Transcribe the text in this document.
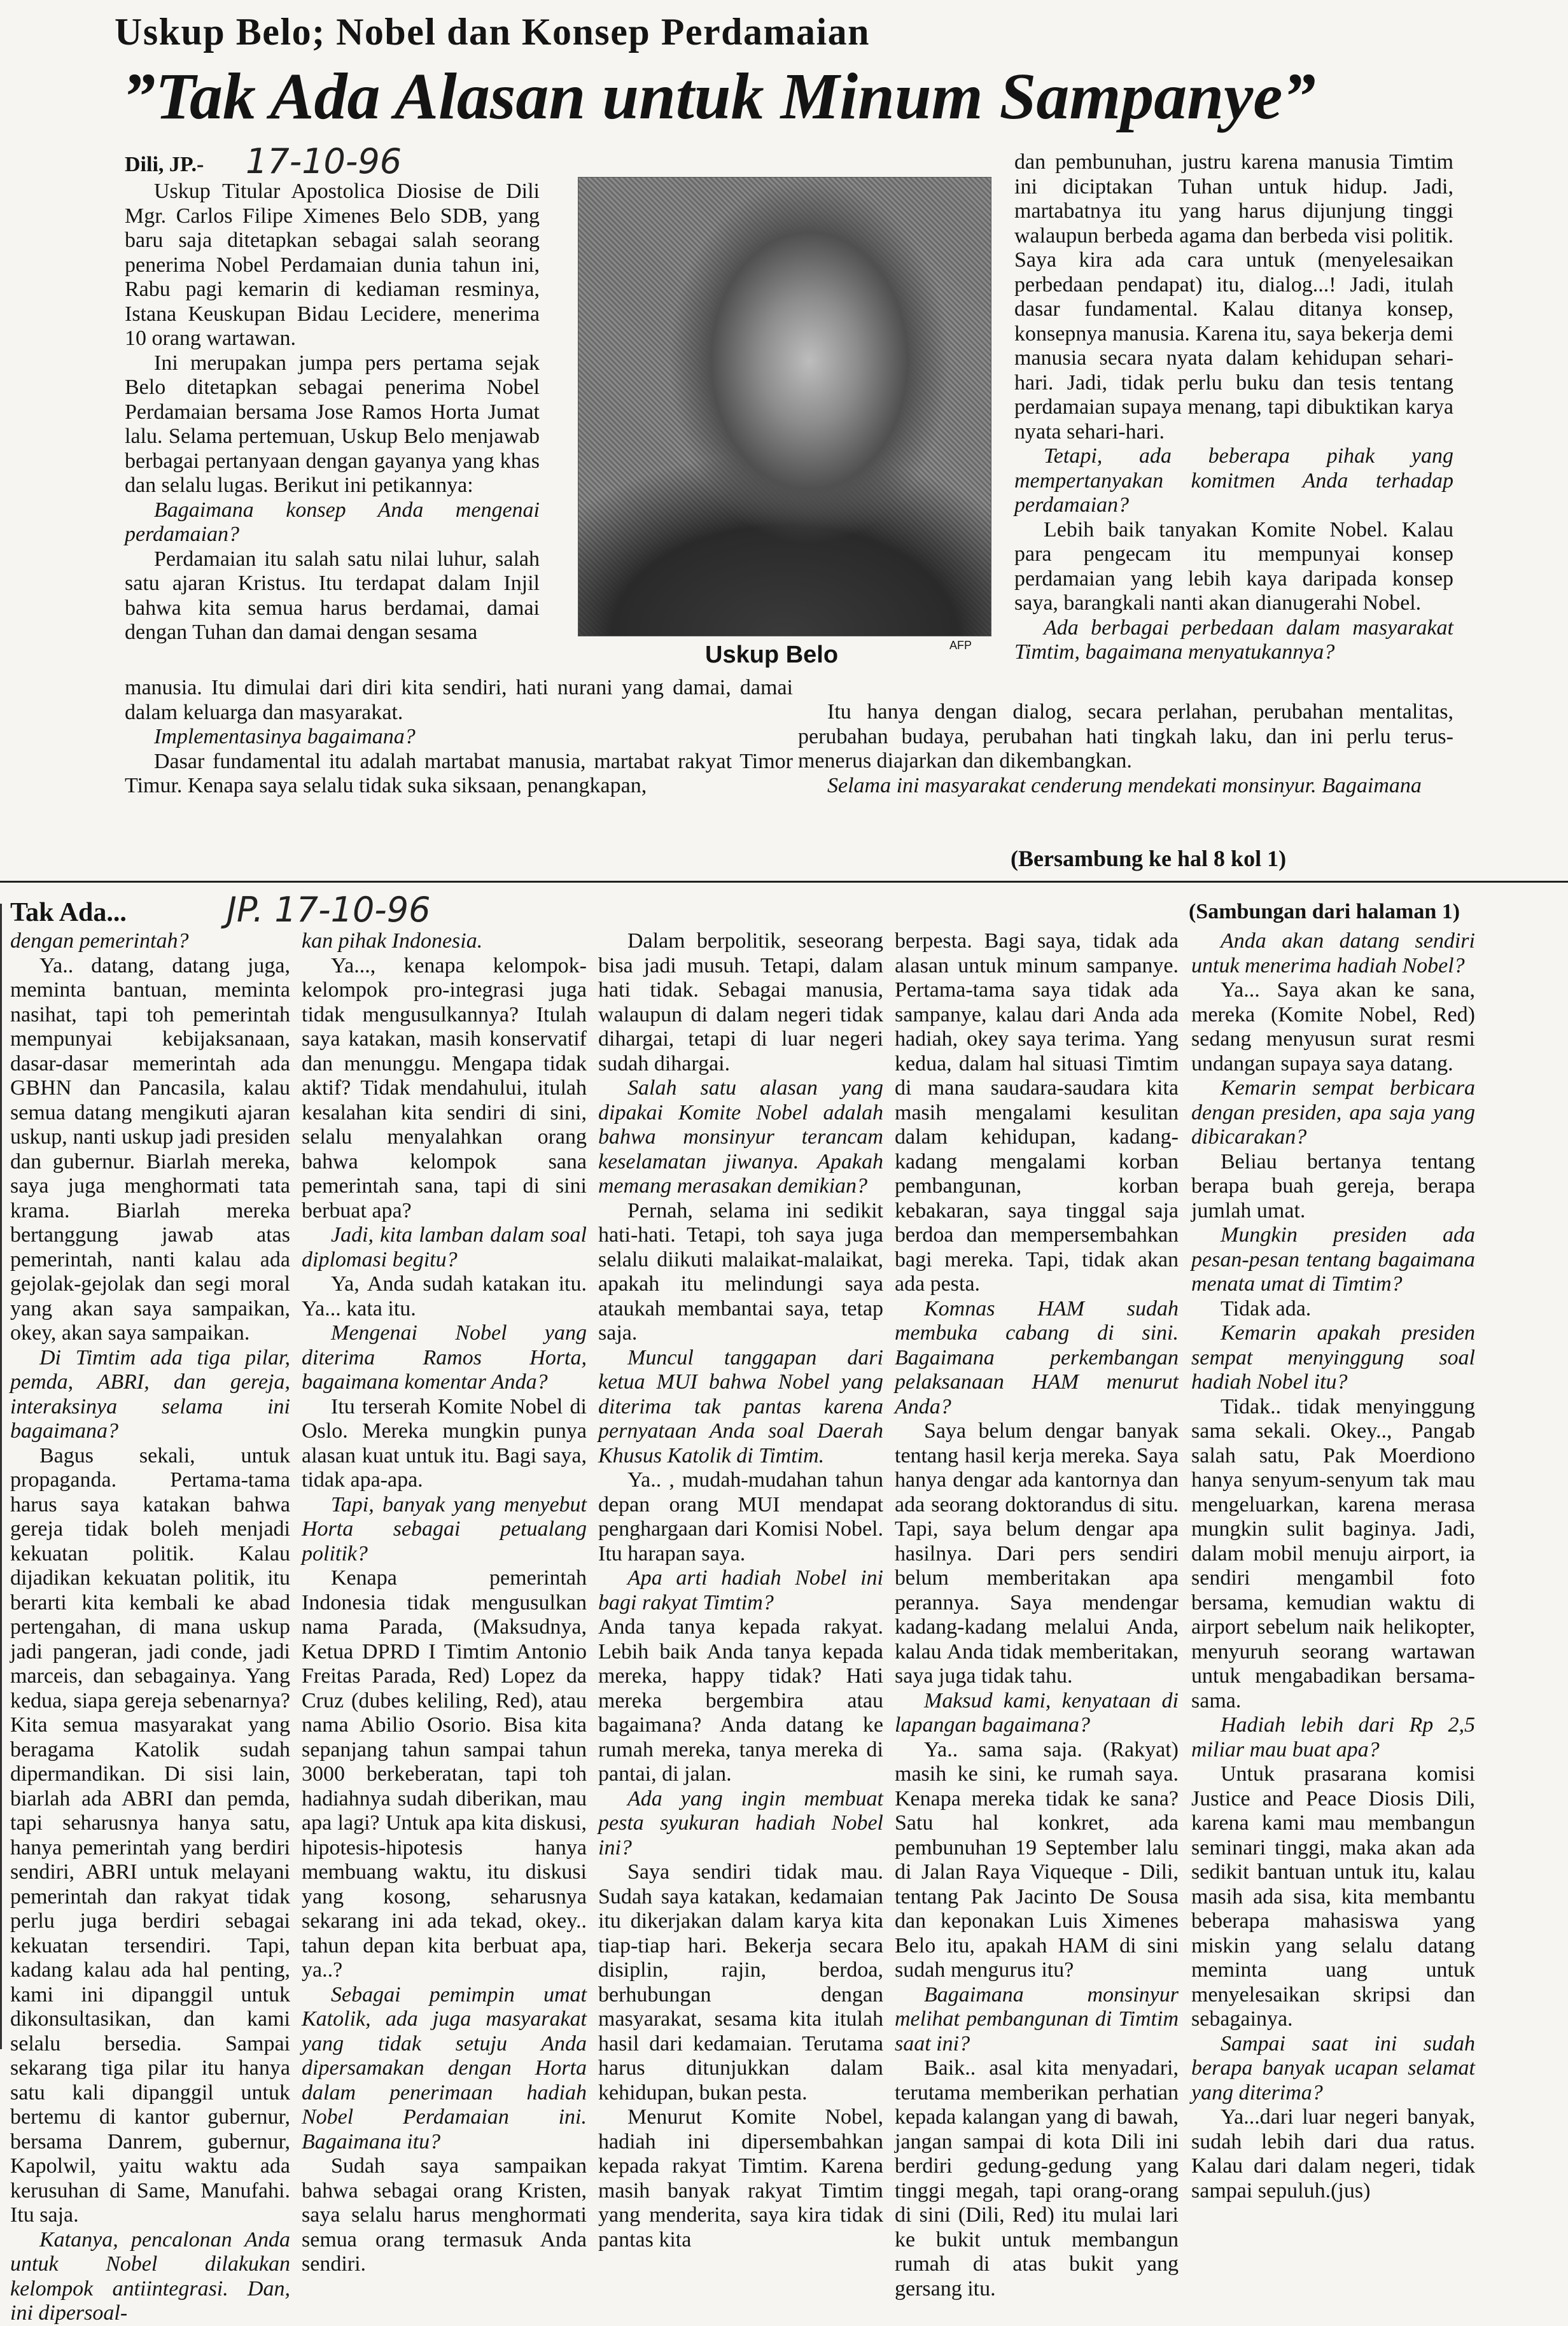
Uskup Belo; Nobel dan Konsep Perdamaian
”Tak Ada Alasan untuk Minum Sampanye”
Dili, JP.- 17-10-96
Uskup Belo	AFP

Uskup Titular Apostolica Diosise de Dili Mgr. Carlos Filipe Ximenes Belo SDB, yang baru saja ditetapkan sebagai salah seorang penerima Nobel Perdamaian dunia tahun ini, Rabu pagi kemarin di kediaman resminya, Istana Keuskupan Bidau Lecidere, menerima 10 orang wartawan.

Ini merupakan jumpa pers pertama sejak Belo ditetapkan sebagai penerima Nobel Perdamaian bersama Jose Ramos Horta Jumat lalu. Selama pertemuan, Uskup Belo menjawab berbagai pertanyaan dengan gayanya yang khas dan selalu lugas. Berikut ini petikannya:

Bagaimana konsep Anda mengenai perdamaian?

Perdamaian itu salah satu nilai luhur, salah satu ajaran Kristus. Itu terdapat dalam Injil bahwa kita semua harus berdamai, damai dengan Tuhan dan damai dengan sesama

dan pembunuhan, justru karena manusia Timtim ini diciptakan Tuhan untuk hidup. Jadi, martabatnya itu yang harus dijunjung tinggi walaupun berbeda agama dan berbeda visi politik. Saya kira ada cara untuk (menyelesaikan perbedaan pendapat) itu, dialog...! Jadi, itulah dasar fundamental. Kalau ditanya konsep, konsepnya manusia. Karena itu, saya bekerja demi manusia secara nyata dalam kehidupan sehari-hari. Jadi, tidak perlu buku dan tesis tentang perdamaian supaya menang, tapi dibuktikan karya nyata sehari-hari.

Tetapi, ada beberapa pihak yang mempertanyakan komitmen Anda terhadap perdamaian?

Lebih baik tanyakan Komite Nobel. Kalau para pengecam itu mempunyai konsep perdamaian yang lebih kaya daripada konsep saya, barangkali nanti akan dianugerahi Nobel.

Ada berbagai perbedaan dalam masyarakat Timtim, bagaimana menyatukannya?

manusia. Itu dimulai dari diri kita sendiri, hati nurani yang damai, damai dalam keluarga dan masyarakat.

Implementasinya bagaimana?

Dasar fundamental itu adalah martabat manusia, martabat rakyat Timor Timur. Kenapa saya selalu tidak suka siksaan, penangkapan,

Itu hanya dengan dialog, secara perlahan, perubahan mentalitas, perubahan budaya, perubahan hati tingkah laku, dan ini perlu terus-menerus diajarkan dan dikembangkan.

Selama ini masyarakat cenderung mendekati monsinyur. Bagaimana

(Bersambung ke hal 8 kol 1)
Tak Ada...	JP. 17-10-96	(Sambungan dari halaman 1)

dengan pemerintah?

Ya.. datang, datang juga, meminta bantuan, meminta nasihat, tapi toh pemerintah mempunyai kebijaksanaan, dasar-dasar memerintah ada GBHN dan Pancasila, kalau semua datang mengikuti ajaran uskup, nanti uskup jadi presiden dan gubernur. Biarlah mereka, saya juga menghormati tata krama. Biarlah mereka bertanggung jawab atas pemerintah, nanti kalau ada gejolak-gejolak dan segi moral yang akan saya sampaikan, okey, akan saya sampaikan.

Di Timtim ada tiga pilar, pemda, ABRI, dan gereja, interaksinya selama ini bagaimana?

Bagus sekali, untuk propaganda. Pertama-tama harus saya katakan bahwa gereja tidak boleh menjadi kekuatan politik. Kalau dijadikan kekuatan politik, itu berarti kita kembali ke abad pertengahan, di mana uskup jadi pangeran, jadi conde, jadi marceis, dan sebagainya. Yang kedua, siapa gereja sebenarnya? Kita semua masyarakat yang beragama Katolik sudah dipermandikan. Di sisi lain, biarlah ada ABRI dan pemda, tapi seharusnya hanya satu, hanya pemerintah yang berdiri sendiri, ABRI untuk melayani pemerintah dan rakyat tidak perlu juga berdiri sebagai kekuatan tersendiri. Tapi, kadang kalau ada hal penting, kami ini dipanggil untuk dikonsultasikan, dan kami selalu bersedia. Sampai sekarang tiga pilar itu hanya satu kali dipanggil untuk bertemu di kantor gubernur, bersama Danrem, gubernur, Kapolwil, yaitu waktu ada kerusuhan di Same, Manufahi. Itu saja.

Katanya, pencalonan Anda untuk Nobel dilakukan kelompok antiintegrasi. Dan, ini dipersoal-

kan pihak Indonesia.

Ya..., kenapa kelompok-kelompok pro-integrasi juga tidak mengusulkannya? Itulah saya katakan, masih konservatif dan menunggu. Mengapa tidak aktif? Tidak mendahului, itulah kesalahan kita sendiri di sini, selalu menyalahkan orang bahwa kelompok sana pemerintah sana, tapi di sini berbuat apa?

Jadi, kita lamban dalam soal diplomasi begitu?

Ya, Anda sudah katakan itu. Ya... kata itu.

Mengenai Nobel yang diterima Ramos Horta, bagaimana komentar Anda?

Itu terserah Komite Nobel di Oslo. Mereka mungkin punya alasan kuat untuk itu. Bagi saya, tidak apa-apa.

Tapi, banyak yang menyebut Horta sebagai petualang politik?

Kenapa pemerintah Indonesia tidak mengusulkan nama Parada, (Maksudnya, Ketua DPRD I Timtim Antonio Freitas Parada, Red) Lopez da Cruz (dubes keliling, Red), atau nama Abilio Osorio. Bisa kita sepanjang tahun sampai tahun 3000 berkeberatan, tapi toh hadiahnya sudah diberikan, mau apa lagi? Untuk apa kita diskusi, hipotesis-hipotesis hanya membuang waktu, itu diskusi yang kosong, seharusnya sekarang ini ada tekad, okey.. tahun depan kita berbuat apa, ya..?

Sebagai pemimpin umat Katolik, ada juga masyarakat yang tidak setuju Anda dipersamakan dengan Horta dalam penerimaan hadiah Nobel Perdamaian ini. Bagaimana itu?

Sudah saya sampaikan bahwa sebagai orang Kristen, saya selalu harus menghormati semua orang termasuk Anda sendiri.

Dalam berpolitik, seseorang bisa jadi musuh. Tetapi, dalam hati tidak. Sebagai manusia, walaupun di dalam negeri tidak dihargai, tetapi di luar negeri sudah dihargai.

Salah satu alasan yang dipakai Komite Nobel adalah bahwa monsinyur terancam keselamatan jiwanya. Apakah memang merasakan demikian?

Pernah, selama ini sedikit hati-hati. Tetapi, toh saya juga selalu diikuti malaikat-malaikat, apakah itu melindungi saya ataukah membantai saya, tetap saja.

Muncul tanggapan dari ketua MUI bahwa Nobel yang diterima tak pantas karena pernyataan Anda soal Daerah Khusus Katolik di Timtim.

Ya.. , mudah-mudahan tahun depan orang MUI mendapat penghargaan dari Komisi Nobel. Itu harapan saya.

Apa arti hadiah Nobel ini bagi rakyat Timtim?

Anda tanya kepada rakyat. Lebih baik Anda tanya kepada mereka, happy tidak? Hati mereka bergembira atau bagaimana? Anda datang ke rumah mereka, tanya mereka di pantai, di jalan.

Ada yang ingin membuat pesta syukuran hadiah Nobel ini?

Saya sendiri tidak mau. Sudah saya katakan, kedamaian itu dikerjakan dalam karya kita tiap-tiap hari. Bekerja secara disiplin, rajin, berdoa, berhubungan dengan masyarakat, sesama kita itulah hasil dari kedamaian. Terutama harus ditunjukkan dalam kehidupan, bukan pesta.

Menurut Komite Nobel, hadiah ini dipersembahkan kepada rakyat Timtim. Karena masih banyak rakyat Timtim yang menderita, saya kira tidak pantas kita

berpesta. Bagi saya, tidak ada alasan untuk minum sampanye. Pertama-tama saya tidak ada sampanye, kalau dari Anda ada hadiah, okey saya terima. Yang kedua, dalam hal situasi Timtim di mana saudara-saudara kita masih mengalami kesulitan dalam kehidupan, kadang-kadang mengalami korban pembangunan, korban kebakaran, saya tinggal saja berdoa dan mempersembahkan bagi mereka. Tapi, tidak akan ada pesta.

Komnas HAM sudah membuka cabang di sini. Bagaimana perkembangan pelaksanaan HAM menurut Anda?

Saya belum dengar banyak tentang hasil kerja mereka. Saya hanya dengar ada kantornya dan ada seorang doktorandus di situ. Tapi, saya belum dengar apa hasilnya. Dari pers sendiri belum memberitakan apa perannya. Saya mendengar kadang-kadang melalui Anda, kalau Anda tidak memberitakan, saya juga tidak tahu.

Maksud kami, kenyataan di lapangan bagaimana?

Ya.. sama saja. (Rakyat) masih ke sini, ke rumah saya. Kenapa mereka tidak ke sana? Satu hal konkret, ada pembunuhan 19 September lalu di Jalan Raya Viqueque - Dili, tentang Pak Jacinto De Sousa dan keponakan Luis Ximenes Belo itu, apakah HAM di sini sudah mengurus itu?

Bagaimana monsinyur melihat pembangunan di Timtim saat ini?

Baik.. asal kita menyadari, terutama memberikan perhatian kepada kalangan yang di bawah, jangan sampai di kota Dili ini berdiri gedung-gedung yang tinggi megah, tapi orang-orang di sini (Dili, Red) itu mulai lari ke bukit untuk membangun rumah di atas bukit yang gersang itu.

Anda akan datang sendiri untuk menerima hadiah Nobel?

Ya... Saya akan ke sana, mereka (Komite Nobel, Red) sedang menyusun surat resmi undangan supaya saya datang.

Kemarin sempat berbicara dengan presiden, apa saja yang dibicarakan?

Beliau bertanya tentang berapa buah gereja, berapa jumlah umat.

Mungkin presiden ada pesan-pesan tentang bagaimana menata umat di Timtim?

Tidak ada.

Kemarin apakah presiden sempat menyinggung soal hadiah Nobel itu?

Tidak.. tidak menyinggung sama sekali. Okey.., Pangab salah satu, Pak Moerdiono hanya senyum-senyum tak mau mengeluarkan, karena merasa mungkin sulit baginya. Jadi, dalam mobil menuju airport, ia sendiri mengambil foto bersama, kemudian waktu di airport sebelum naik helikopter, menyuruh seorang wartawan untuk mengabadikan bersama-sama.

Hadiah lebih dari Rp 2,5 miliar mau buat apa?

Untuk prasarana komisi Justice and Peace Diosis Dili, karena kami mau membangun seminari tinggi, maka akan ada sedikit bantuan untuk itu, kalau masih ada sisa, kita membantu beberapa mahasiswa yang miskin yang selalu datang meminta uang untuk menyelesaikan skripsi dan sebagainya.

Sampai saat ini sudah berapa banyak ucapan selamat yang diterima?

Ya...dari luar negeri banyak, sudah lebih dari dua ratus. Kalau dari dalam negeri, tidak sampai sepuluh.(jus)
